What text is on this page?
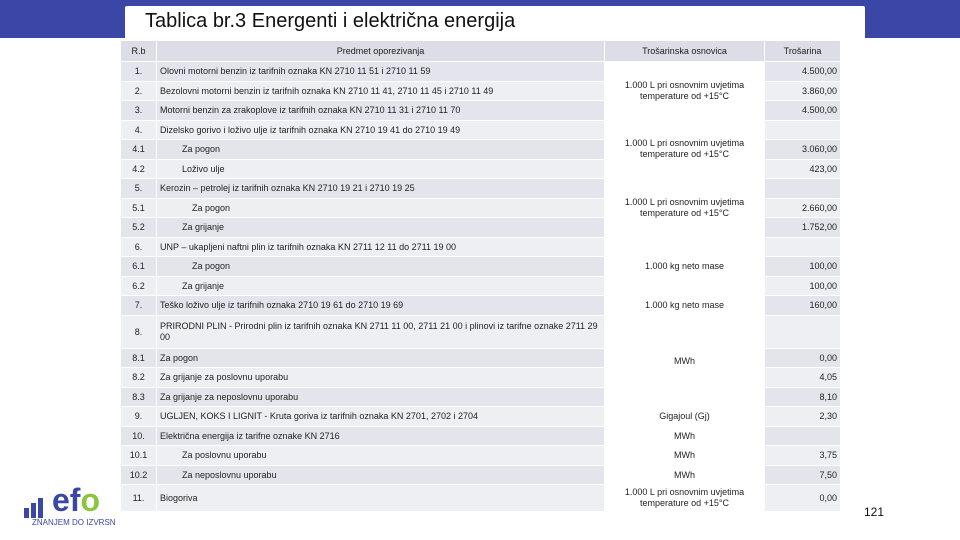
Tablica br.3 Energenti i električna energija
R.b	Predmet oporezivanja	Trošarinska osnovica	Trošarina
1.	Olovni motorni benzin iz tarifnih oznaka KN 2710 11 51 i 2710 11 59	1.000 L pri osnovnim uvjetima temperature od +15°C	4.500,00
2.	Bezolovni motorni benzin iz tarifnih oznaka KN 2710 11 41, 2710 11 45 i 2710 11 49		3.860,00
3.	Motorni benzin za zrakoplove iz tarifnih oznaka KN 2710 11 31 i 2710 11 70		4.500,00
4.	Dizelsko gorivo i loživo ulje iz tarifnih oznaka KN 2710 19 41 do 2710 19 49	1.000 L pri osnovnim uvjetima temperature od +15°C	
4.1	Za pogon		3.060,00
4.2	Loživo ulje		423,00
5.	Kerozin – petrolej iz tarifnih oznaka KN 2710 19 21 i 2710 19 25	1.000 L pri osnovnim uvjetima temperature od +15°C	
5.1	Za pogon		2.660,00
5.2	Za grijanje		1.752,00
6.	UNP – ukapljeni naftni plin iz tarifnih oznaka KN 2711 12 11 do 2711 19 00	1.000 kg neto mase	
6.1	Za pogon		100,00
6.2	Za grijanje		100,00
7.	Teško loživo ulje iz tarifnih oznaka 2710 19 61 do 2710 19 69	1.000 kg neto mase	160,00
8.	PRIRODNI PLIN - Prirodni plin iz tarifnih oznaka KN 2711 11 00, 2711 21 00 i plinovi iz tarifne oznake 2711 29 00	MWh	
8.1	Za pogon		0,00
8.2	Za grijanje za poslovnu uporabu		4,05
8.3	Za grijanje za neposlovnu uporabu		8,10
9.	UGLJEN, KOKS I LIGNIT - Kruta goriva iz tarifnih oznaka KN 2701, 2702 i 2704	Gigajoul (Gj)	2,30
10.	Električna energija iz tarifne oznake KN 2716	MWh	
10.1	Za poslovnu uporabu	MWh	3,75
10.2	Za neposlovnu uporabu	MWh	7,50
11.	Biogoriva	1.000 L pri osnovnim uvjetima temperature od +15°C	0,00
efo
ZNANJEM DO IZVRSN
121
